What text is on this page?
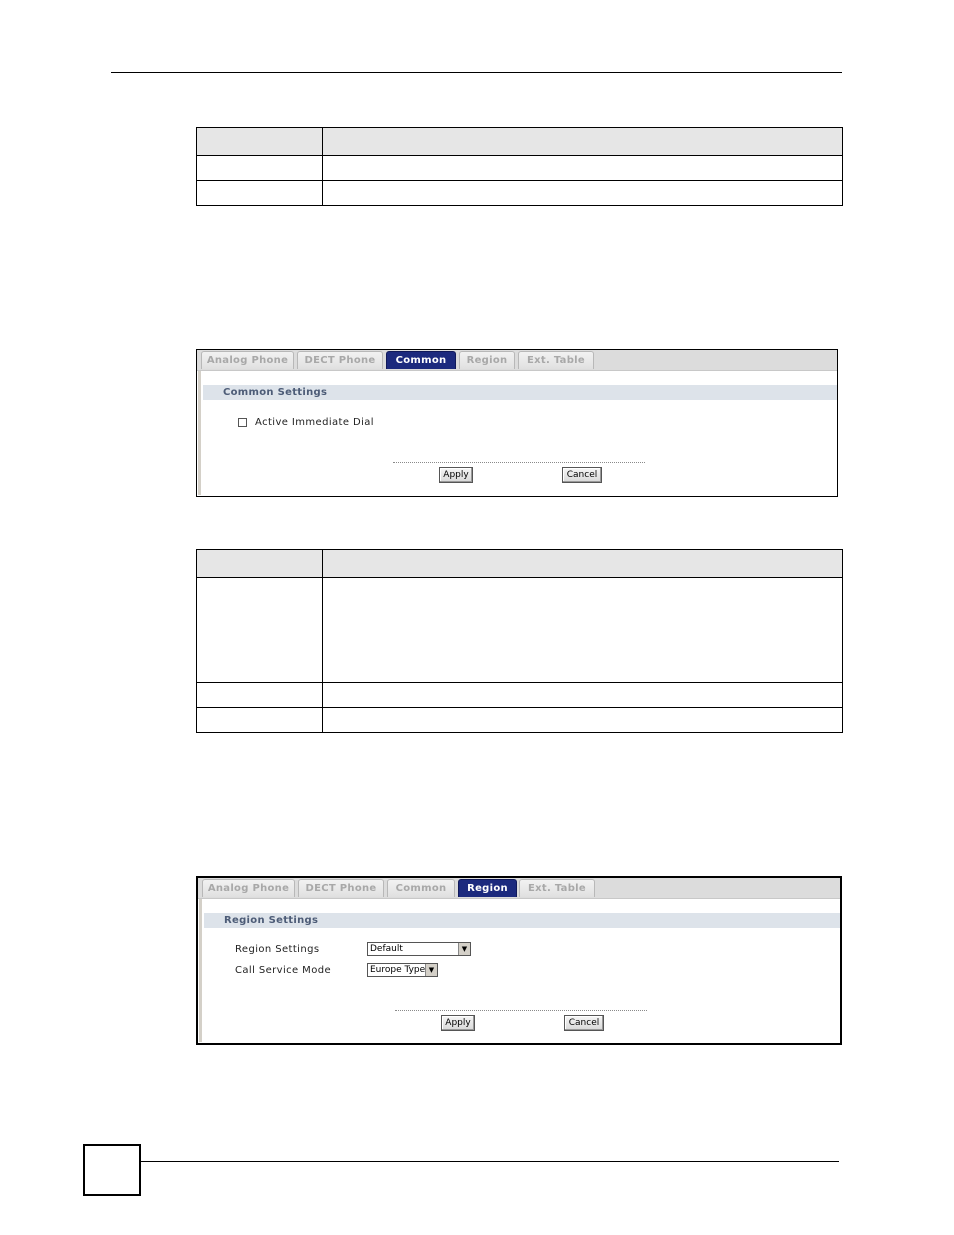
Analog Phone	DECT Phone	Common	Region	Ext. Table
Common Settings
Active Immediate Dial
Apply	Cancel

Analog Phone	DECT Phone	Common	Region	Ext. Table
Region Settings
Region Settings	Default	▼
Call Service Mode	Europe Type ▼
Apply	Cancel
